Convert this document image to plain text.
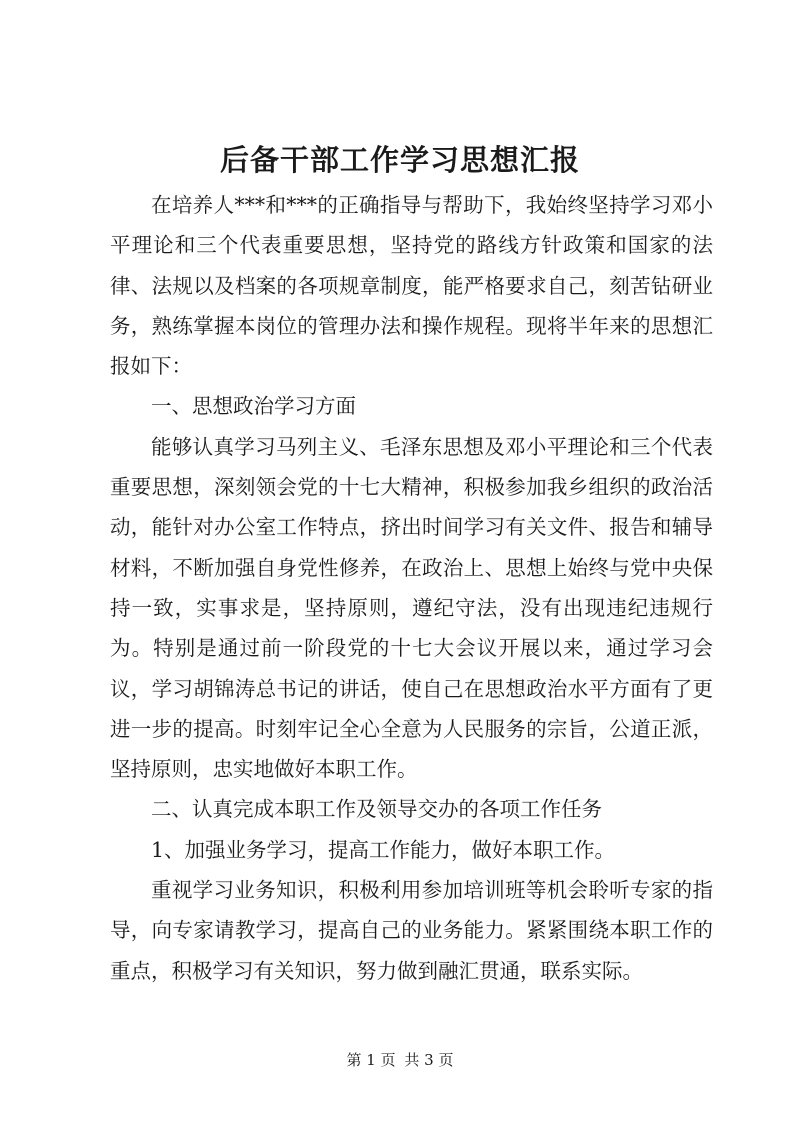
后备干部工作学习思想汇报

在培养人***和***的正确指导与帮助下，我始终坚持学习邓小平理论和三个代表重要思想，坚持党的路线方针政策和国家的法律、法规以及档案的各项规章制度，能严格要求自己，刻苦钻研业务，熟练掌握本岗位的管理办法和操作规程。现将半年来的思想汇报如下：

一、思想政治学习方面

能够认真学习马列主义、毛泽东思想及邓小平理论和三个代表重要思想，深刻领会党的十七大精神，积极参加我乡组织的政治活动，能针对办公室工作特点，挤出时间学习有关文件、报告和辅导材料，不断加强自身党性修养，在政治上、思想上始终与党中央保持一致，实事求是，坚持原则，遵纪守法，没有出现违纪违规行为。特别是通过前一阶段党的十七大会议开展以来，通过学习会议，学习胡锦涛总书记的讲话，使自己在思想政治水平方面有了更进一步的提高。时刻牢记全心全意为人民服务的宗旨，公道正派，坚持原则，忠实地做好本职工作。

二、认真完成本职工作及领导交办的各项工作任务

1、加强业务学习，提高工作能力，做好本职工作。

重视学习业务知识，积极利用参加培训班等机会聆听专家的指导，向专家请教学习，提高自己的业务能力。紧紧围绕本职工作的重点，积极学习有关知识，努力做到融汇贯通，联系实际。

第 1 页 共 3 页
